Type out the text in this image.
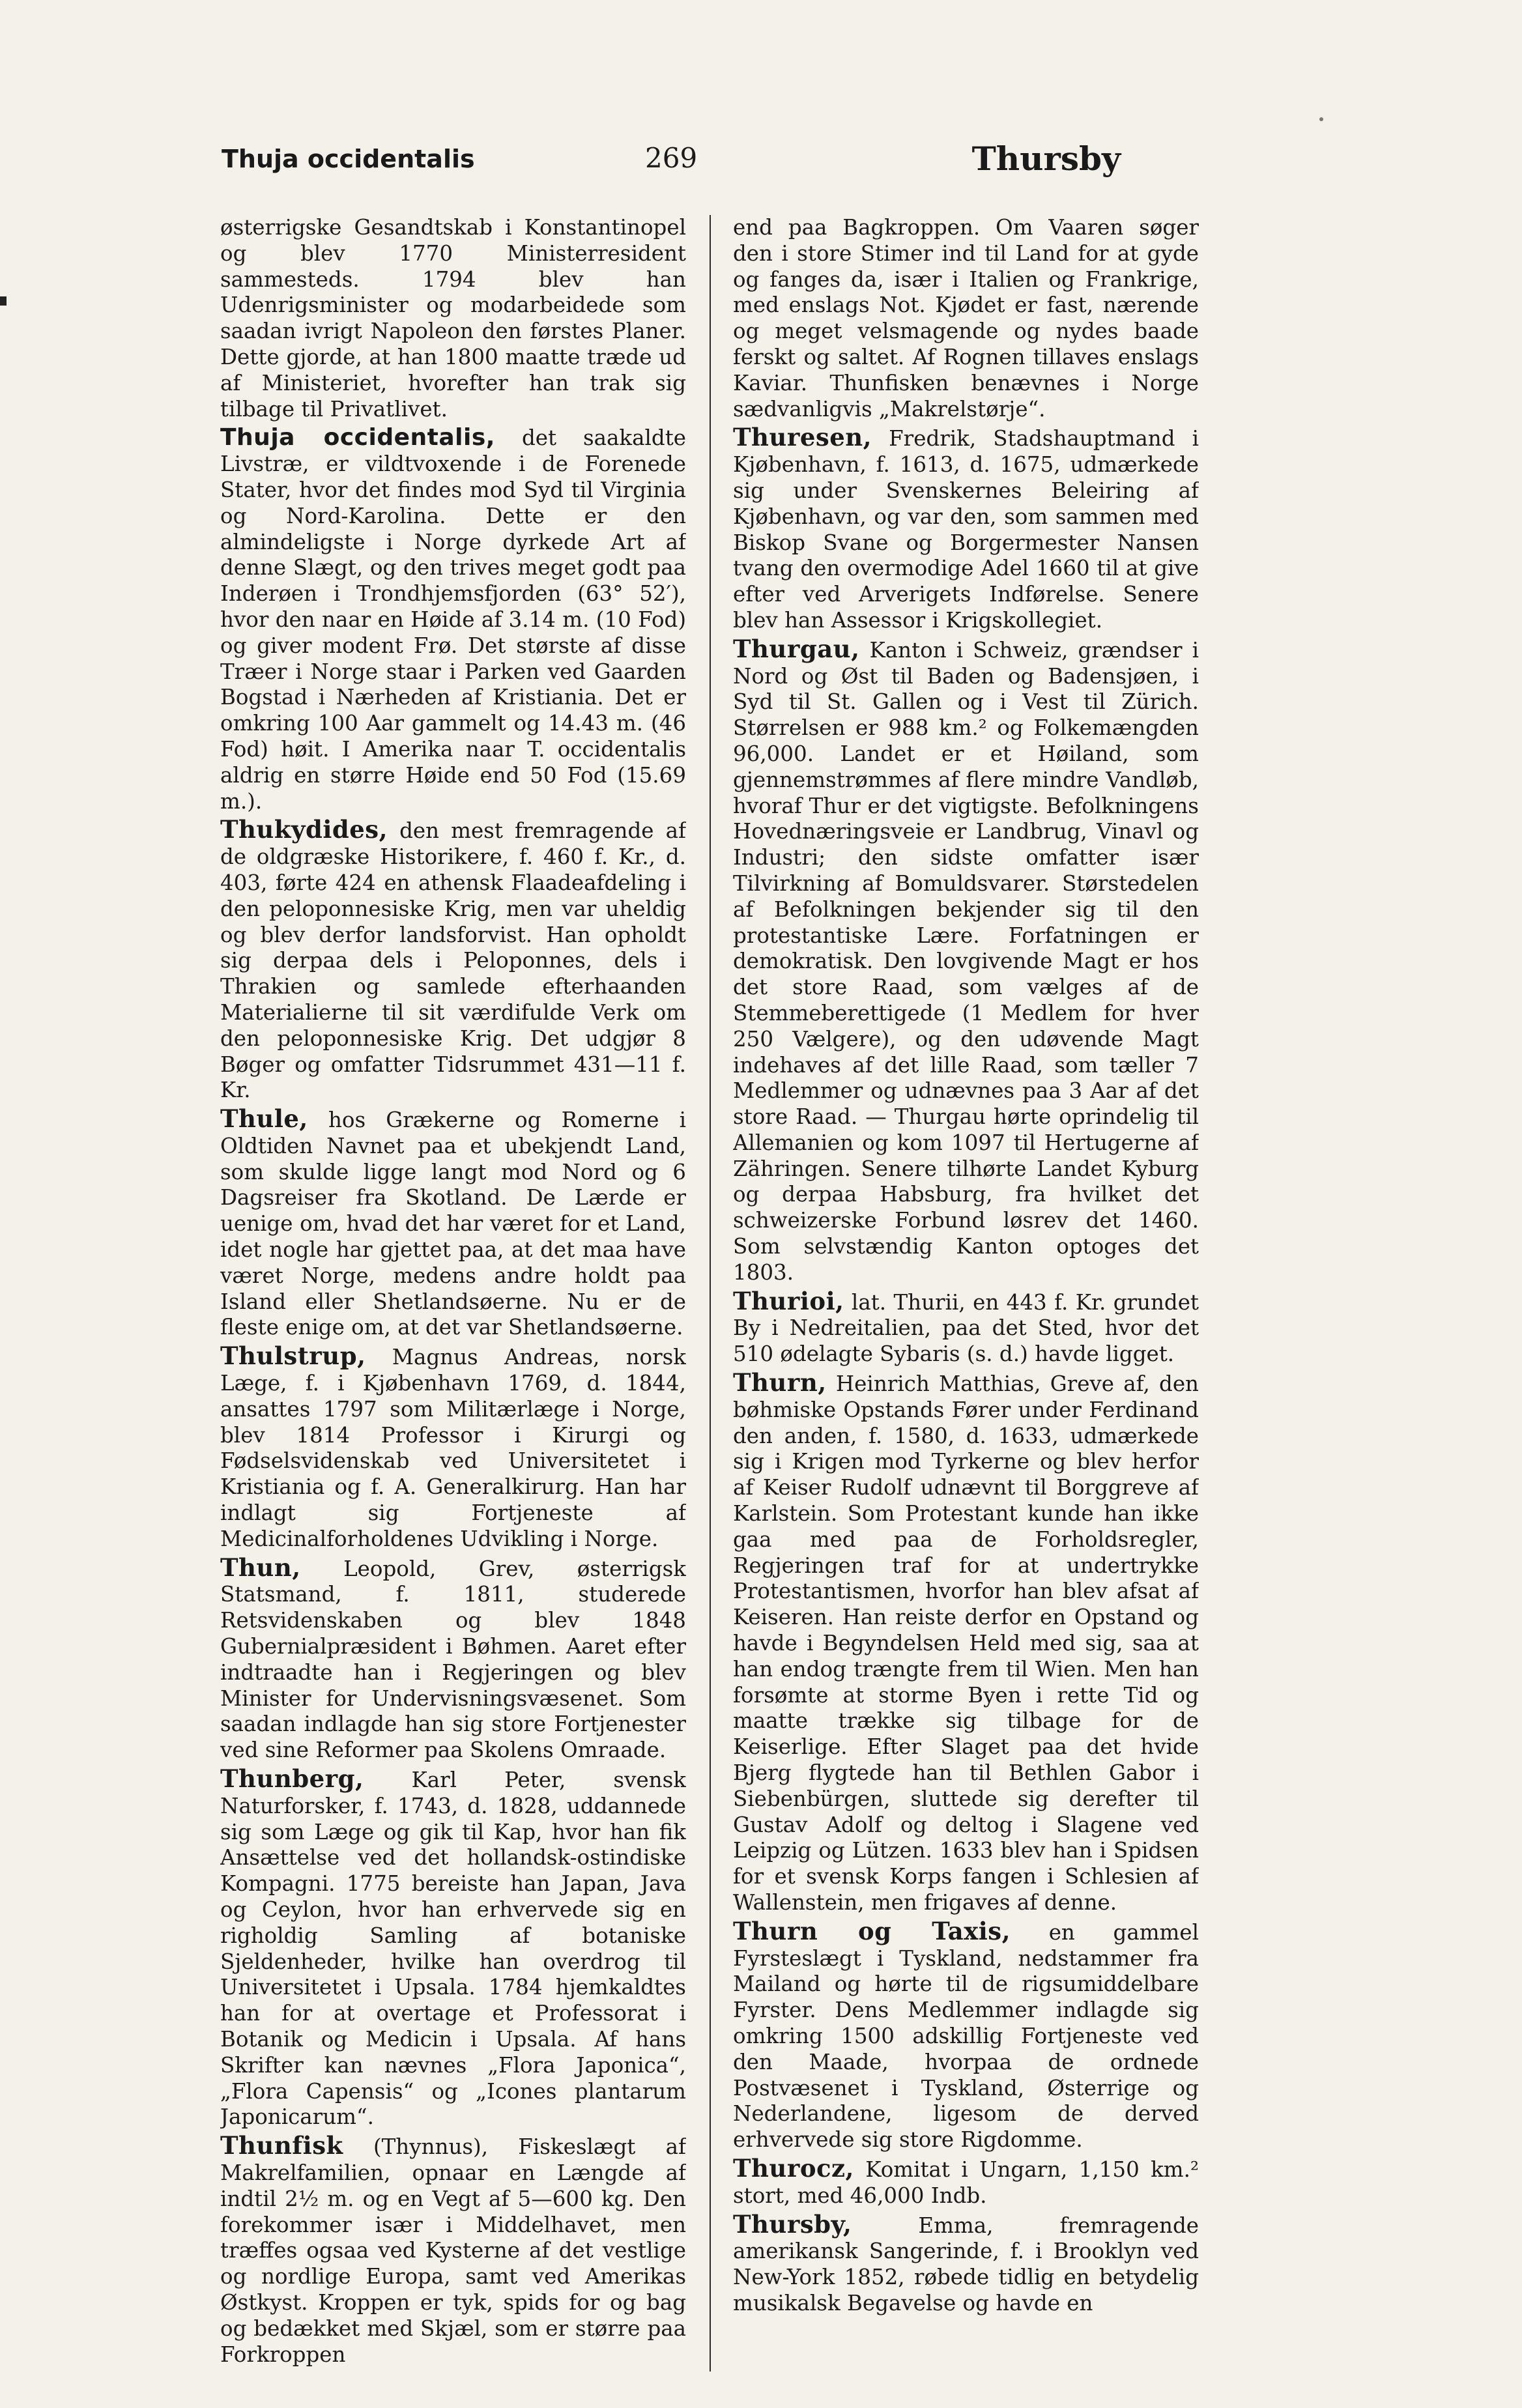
Thuja occidentalis	269	Thursby

østerrigske Gesandtskab i Konstantinopel og blev 1770 Ministerresident sammesteds. 1794 blev han Udenrigsminister og modarbeidede som saadan ivrigt Napoleon den førstes Planer. Dette gjorde, at han 1800 maatte træde ud af Ministeriet, hvorefter han trak sig tilbage til Privatlivet.

Thuja occidentalis, det saakaldte Livstræ, er vildtvoxende i de Forenede Stater, hvor det findes mod Syd til Virginia og Nord-Karolina. Dette er den almindeligste i Norge dyrkede Art af denne Slægt, og den trives meget godt paa Inderøen i Trondhjemsfjorden (63° 52′), hvor den naar en Høide af 3.14 m. (10 Fod) og giver modent Frø. Det største af disse Træer i Norge staar i Parken ved Gaarden Bogstad i Nærheden af Kristiania. Det er omkring 100 Aar gammelt og 14.43 m. (46 Fod) høit. I Amerika naar T. occidentalis aldrig en større Høide end 50 Fod (15.69 m.).

Thukydides, den mest fremragende af de oldgræske Historikere, f. 460 f. Kr., d. 403, førte 424 en athensk Flaadeafdeling i den peloponnesiske Krig, men var uheldig og blev derfor landsforvist. Han opholdt sig derpaa dels i Peloponnes, dels i Thrakien og samlede efterhaanden Materialierne til sit værdifulde Verk om den peloponnesiske Krig. Det udgjør 8 Bøger og omfatter Tidsrummet 431—11 f. Kr.

Thule, hos Grækerne og Romerne i Oldtiden Navnet paa et ubekjendt Land, som skulde ligge langt mod Nord og 6 Dagsreiser fra Skotland. De Lærde er uenige om, hvad det har været for et Land, idet nogle har gjettet paa, at det maa have været Norge, medens andre holdt paa Island eller Shetlandsøerne. Nu er de fleste enige om, at det var Shetlandsøerne.

Thulstrup, Magnus Andreas, norsk Læge, f. i Kjøbenhavn 1769, d. 1844, ansattes 1797 som Militærlæge i Norge, blev 1814 Professor i Kirurgi og Fødselsvidenskab ved Universitetet i Kristiania og f. A. Generalkirurg. Han har indlagt sig Fortjeneste af Medicinalforholdenes Udvikling i Norge.

Thun, Leopold, Grev, østerrigsk Statsmand, f. 1811, studerede Retsvidenskaben og blev 1848 Gubernialpræsident i Bøhmen. Aaret efter indtraadte han i Regjeringen og blev Minister for Undervisningsvæsenet. Som saadan indlagde han sig store Fortjenester ved sine Reformer paa Skolens Omraade.

Thunberg, Karl Peter, svensk Naturforsker, f. 1743, d. 1828, uddannede sig som Læge og gik til Kap, hvor han fik Ansættelse ved det hollandsk-ostindiske Kompagni. 1775 bereiste han Japan, Java og Ceylon, hvor han erhvervede sig en righoldig Samling af botaniske Sjeldenheder, hvilke han overdrog til Universitetet i Upsala. 1784 hjemkaldtes han for at overtage et Professorat i Botanik og Medicin i Upsala. Af hans Skrifter kan nævnes „Flora Japonica“, „Flora Capensis“ og „Icones plantarum Japonicarum“.

Thunfisk (Thynnus), Fiskeslægt af Makrelfamilien, opnaar en Længde af indtil 2½ m. og en Vegt af 5—600 kg. Den forekommer især i Middelhavet, men træffes ogsaa ved Kysterne af det vestlige og nordlige Europa, samt ved Amerikas Østkyst. Kroppen er tyk, spids for og bag og bedækket med Skjæl, som er større paa Forkroppen

end paa Bagkroppen. Om Vaaren søger den i store Stimer ind til Land for at gyde og fanges da, især i Italien og Frankrige, med enslags Not. Kjødet er fast, nærende og meget velsmagende og nydes baade ferskt og saltet. Af Rognen tillaves enslags Kaviar. Thunfisken benævnes i Norge sædvanligvis „Makrelstørje“.

Thuresen, Fredrik, Stadshauptmand i Kjøbenhavn, f. 1613, d. 1675, udmærkede sig under Svenskernes Beleiring af Kjøbenhavn, og var den, som sammen med Biskop Svane og Borgermester Nansen tvang den overmodige Adel 1660 til at give efter ved Arverigets Indførelse. Senere blev han Assessor i Krigskollegiet.

Thurgau, Kanton i Schweiz, grændser i Nord og Øst til Baden og Badensjøen, i Syd til St. Gallen og i Vest til Zürich. Størrelsen er 988 km.² og Folkemængden 96,000. Landet er et Høiland, som gjennemstrømmes af flere mindre Vandløb, hvoraf Thur er det vigtigste. Befolkningens Hovednæringsveie er Landbrug, Vinavl og Industri; den sidste omfatter især Tilvirkning af Bomuldsvarer. Størstedelen af Befolkningen bekjender sig til den protestantiske Lære. Forfatningen er demokratisk. Den lovgivende Magt er hos det store Raad, som vælges af de Stemmeberettigede (1 Medlem for hver 250 Vælgere), og den udøvende Magt indehaves af det lille Raad, som tæller 7 Medlemmer og udnævnes paa 3 Aar af det store Raad. — Thurgau hørte oprindelig til Allemanien og kom 1097 til Hertugerne af Zähringen. Senere tilhørte Landet Kyburg og derpaa Habsburg, fra hvilket det schweizerske Forbund løsrev det 1460. Som selvstændig Kanton optoges det 1803.

Thurioi, lat. Thurii, en 443 f. Kr. grundet By i Nedreitalien, paa det Sted, hvor det 510 ødelagte Sybaris (s. d.) havde ligget.

Thurn, Heinrich Matthias, Greve af, den bøhmiske Opstands Fører under Ferdinand den anden, f. 1580, d. 1633, udmærkede sig i Krigen mod Tyrkerne og blev herfor af Keiser Rudolf udnævnt til Borggreve af Karlstein. Som Protestant kunde han ikke gaa med paa de Forholdsregler, Regjeringen traf for at undertrykke Protestantismen, hvorfor han blev afsat af Keiseren. Han reiste derfor en Opstand og havde i Begyndelsen Held med sig, saa at han endog trængte frem til Wien. Men han forsømte at storme Byen i rette Tid og maatte trække sig tilbage for de Keiserlige. Efter Slaget paa det hvide Bjerg flygtede han til Bethlen Gabor i Siebenbürgen, sluttede sig derefter til Gustav Adolf og deltog i Slagene ved Leipzig og Lützen. 1633 blev han i Spidsen for et svensk Korps fangen i Schlesien af Wallenstein, men frigaves af denne.

Thurn og Taxis, en gammel Fyrsteslægt i Tyskland, nedstammer fra Mailand og hørte til de rigsumiddelbare Fyrster. Dens Medlemmer indlagde sig omkring 1500 adskillig Fortjeneste ved den Maade, hvorpaa de ordnede Postvæsenet i Tyskland, Østerrige og Nederlandene, ligesom de derved erhvervede sig store Rigdomme.

Thurocz, Komitat i Ungarn, 1,150 km.² stort, med 46,000 Indb.

Thursby,	Emma, fremragende amerikansk Sangerinde, f. i Brooklyn ved New-York 1852, røbede tidlig en betydelig musikalsk Begavelse og havde en
